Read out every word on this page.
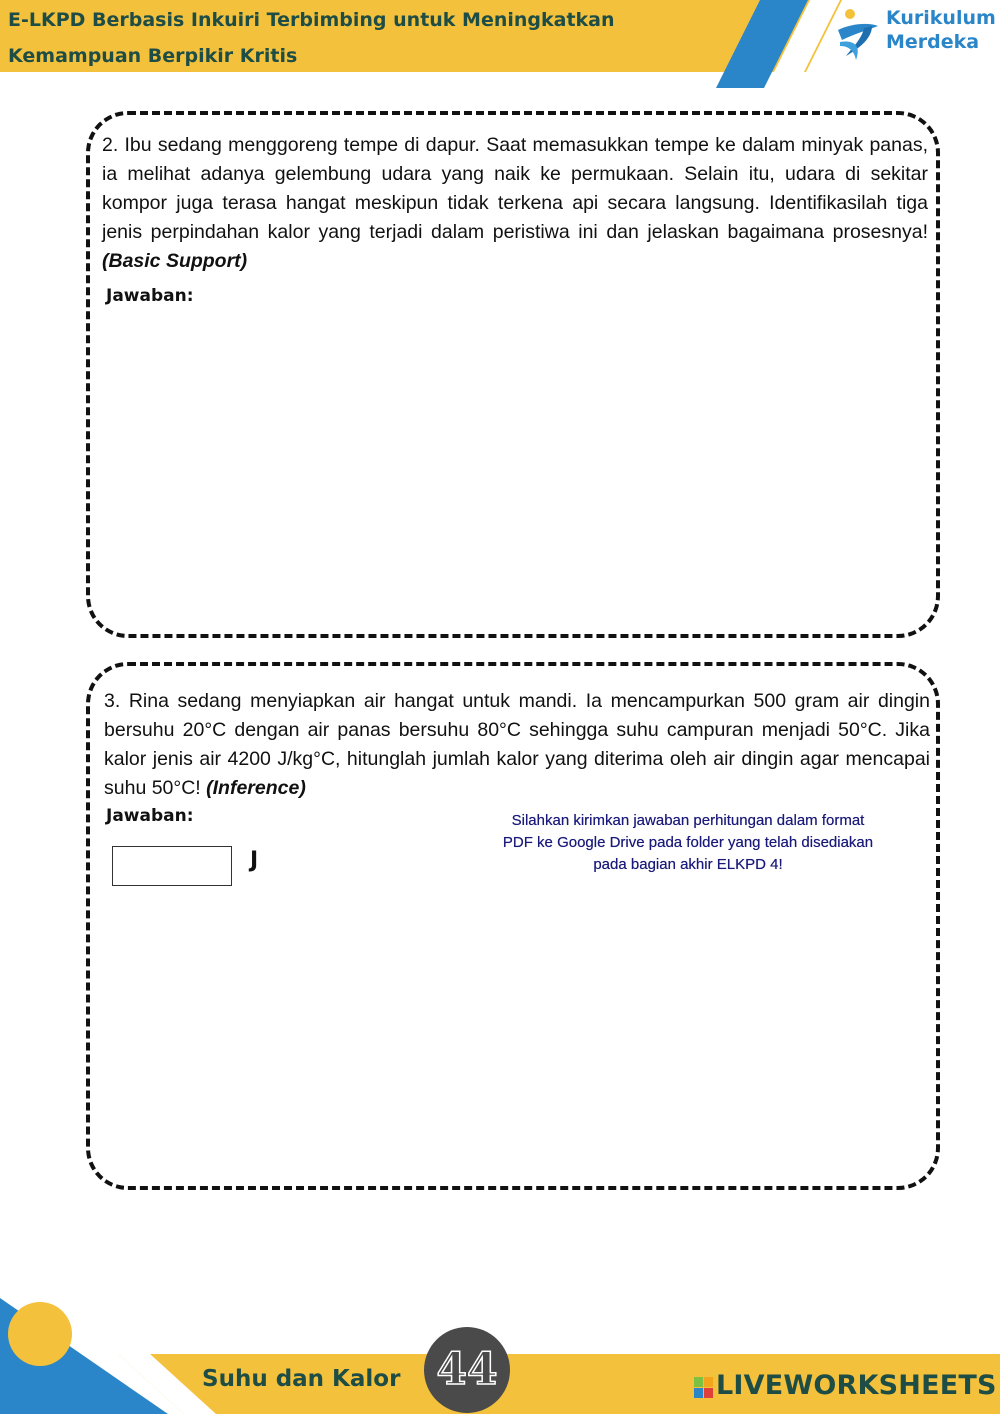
E-LKPD Berbasis Inkuiri Terbimbing untuk Meningkatkan
Kemampuan Berpikir Kritis
Kurikulum
Merdeka
2. Ibu sedang menggoreng tempe di dapur. Saat memasukkan tempe ke dalam minyak panas, ia melihat adanya gelembung udara yang naik ke permukaan. Selain itu, udara di sekitar kompor juga terasa hangat meskipun tidak terkena api secara langsung. Identifikasilah tiga jenis perpindahan kalor yang terjadi dalam peristiwa ini dan jelaskan bagaimana prosesnya! (Basic Support)
Jawaban:
3. Rina sedang menyiapkan air hangat untuk mandi. Ia mencampurkan 500 gram air dingin bersuhu 20°C dengan air panas bersuhu 80°C sehingga suhu campuran menjadi 50°C. Jika kalor jenis air 4200 J/kg°C, hitunglah jumlah kalor yang diterima oleh air dingin agar mencapai suhu 50°C! (Inference)
Jawaban:
J
Silahkan kirimkan jawaban perhitungan dalam format PDF ke Google Drive pada folder yang telah disediakan pada bagian akhir ELKPD 4!
Suhu dan Kalor 44	LIVEWORKSHEETS
